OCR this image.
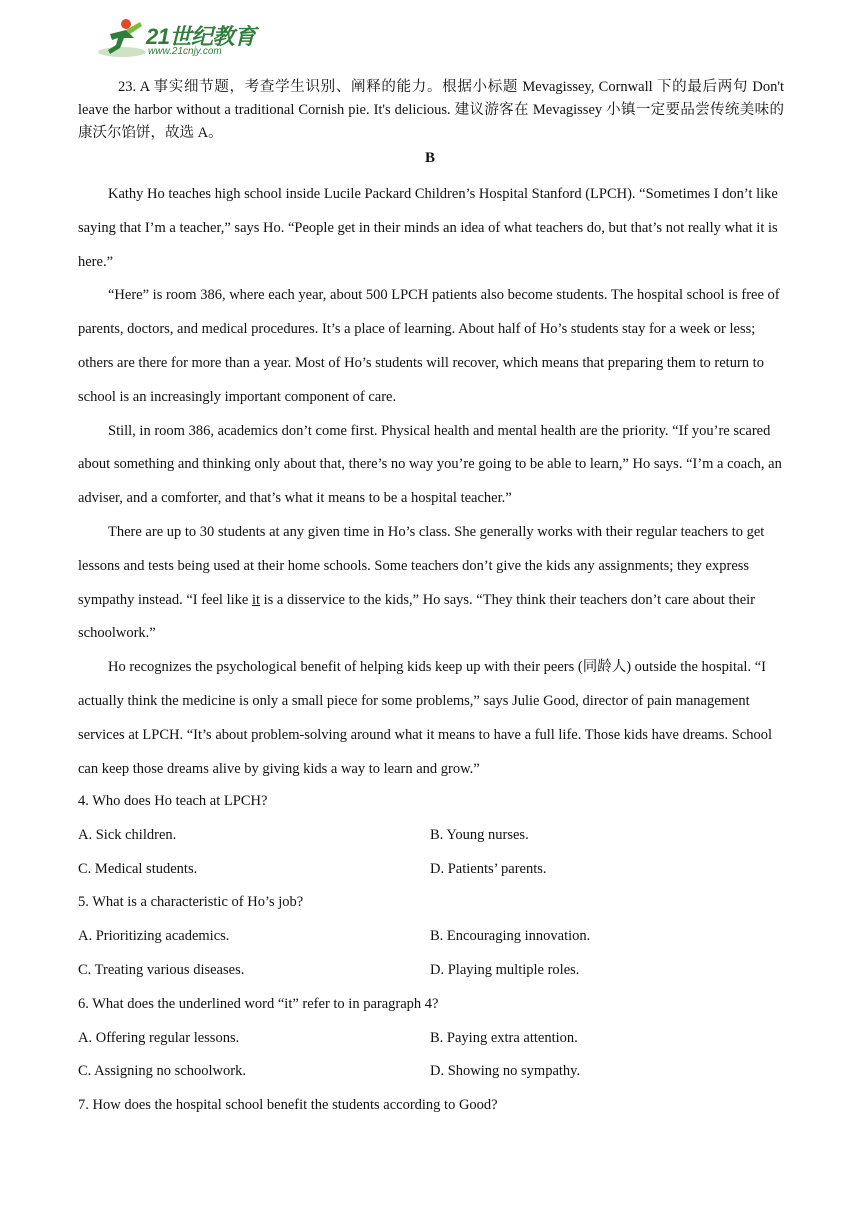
21世纪教育
www.21cnjy.com
23. A 事实细节题，考查学生识别、阐释的能力。根据小标题 Mevagissey, Cornwall 下的最后两句 Don't leave the harbor without a traditional Cornish pie. It's delicious. 建议游客在 Mevagissey 小镇一定要品尝传统美味的康沃尔馅饼，故选 A。
B

Kathy Ho teaches high school inside Lucile Packard Children’s Hospital Stanford (LPCH). “Sometimes I don’t like saying that I’m a teacher,” says Ho. “People get in their minds an idea of what teachers do, but that’s not really what it is here.”

“Here” is room 386, where each year, about 500 LPCH patients also become students. The hospital school is free of parents, doctors, and medical procedures. It’s a place of learning. About half of Ho’s students stay for a week or less; others are there for more than a year. Most of Ho’s students will recover, which means that preparing them to return to school is an increasingly important component of care.

Still, in room 386, academics don’t come first. Physical health and mental health are the priority. “If you’re scared about something and thinking only about that, there’s no way you’re going to be able to learn,” Ho says. “I’m a coach, an adviser, and a comforter, and that’s what it means to be a hospital teacher.”

There are up to 30 students at any given time in Ho’s class. She generally works with their regular teachers to get lessons and tests being used at their home schools. Some teachers don’t give the kids any assignments; they express sympathy instead. “I feel like it is a disservice to the kids,” Ho says. “They think their teachers don’t care about their schoolwork.”

Ho recognizes the psychological benefit of helping kids keep up with their peers (同龄人) outside the hospital. “I actually think the medicine is only a small piece for some problems,” says Julie Good, director of pain management services at LPCH. “It’s about problem-solving around what it means to have a full life. Those kids have dreams. School can keep those dreams alive by giving kids a way to learn and grow.”

4. Who does Ho teach at LPCH?

A. Sick children.	B. Young nurses.
C. Medical students.	D. Patients’ parents.

5. What is a characteristic of Ho’s job?

A. Prioritizing academics.	B. Encouraging innovation.
C. Treating various diseases.	D. Playing multiple roles.

6. What does the underlined word “it” refer to in paragraph 4?

A. Offering regular lessons.	B. Paying extra attention.
C. Assigning no schoolwork.	D. Showing no sympathy.

7. How does the hospital school benefit the students according to Good?
